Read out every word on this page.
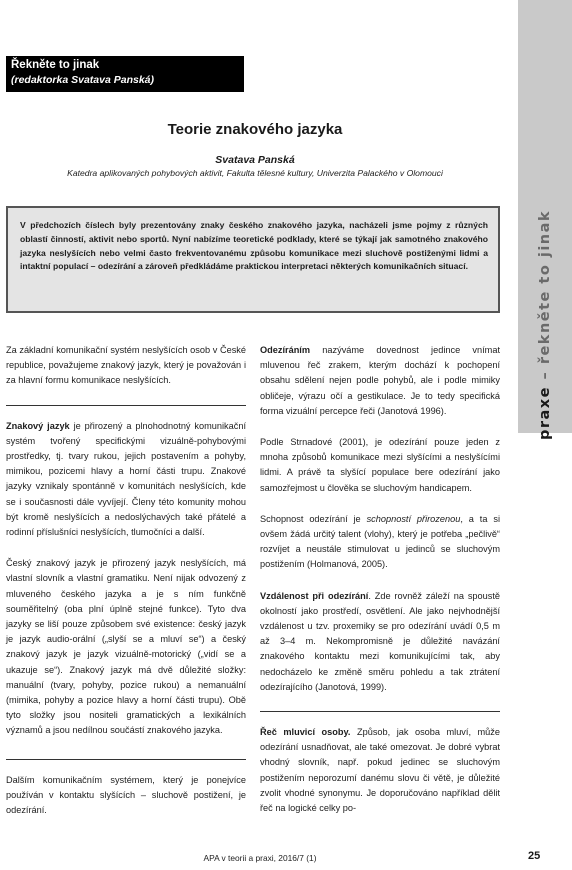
praxe – řekněte to jinak
Řekněte to jinak
(redaktorka Svatava Panská)
Teorie znakového jazyka
Svatava Panská
Katedra aplikovaných pohybových aktivit, Fakulta tělesné kultury, Univerzita Palackého v Olomouci
V předchozích číslech byly prezentovány znaky českého znakového jazyka, nacházeli jsme pojmy z různých oblastí činností, aktivit nebo sportů. Nyní nabízíme teoretické podklady, které se týkají jak samotného znakového jazyka neslyšících nebo velmi často frekventovanému způsobu komunikace mezi sluchově postiženými lidmi a intaktní populací – odezírání a zároveň předkládáme praktickou interpretaci některých komunikačních situací.

Za základní komunikační systém neslyšících osob v České republice, považujeme znakový jazyk, který je považován i za hlavní formu komunikace neslyšících.

Znakový jazyk je přirozený a plnohodnotný komunikační systém tvořený specifickými vizuálně-pohybovými prostředky, tj. tvary rukou, jejich postavením a pohyby, mimikou, pozicemi hlavy a horní části trupu. Znakové jazyky vznikaly spontánně v komunitách neslyšících, kde se i současnosti dále vyvíjejí. Členy této komunity mohou být kromě neslyšících a nedoslýchavých také přátelé a rodinní příslušníci neslyšících, tlumočníci a další.

Český znakový jazyk je přirozený jazyk neslyšících, má vlastní slovník a vlastní gramatiku. Není nijak odvozený z mluveného českého jazyka a je s ním funkčně souměřitelný (oba plní úplně stejné funkce). Tyto dva jazyky se liší pouze způsobem své existence: český jazyk je jazyk audio-orální („slyší se a mluví se“) a český znakový jazyk je jazyk vizuálně-motorický („vidí se a ukazuje se“). Znakový jazyk má dvě důležité složky: manuální (tvary, pohyby, pozice rukou) a nemanuální (mimika, pohyby a pozice hlavy a horní části trupu). Obě tyto složky jsou nositeli gramatických a lexikálních významů a jsou nedílnou součástí znakového jazyka.

Dalším komunikačním systémem, který je ponejvíce používán v kontaktu slyšících – sluchově postižení, je odezírání.

Odezíráním nazýváme dovednost jedince vnímat mluvenou řeč zrakem, kterým dochází k pochopení obsahu sdělení nejen podle pohybů, ale i podle mimiky obličeje, výrazu očí a gestikulace. Je to tedy specifická forma vizuální percepce řeči (Janotová 1996).

Podle Strnadové (2001), je odezírání pouze jeden z mnoha způsobů komunikace mezi slyšícími a neslyšícími lidmi. A právě ta slyšící populace bere odezírání jako samozřejmost u člověka se sluchovým handicapem.

Schopnost odezírání je schopností přirozenou, a ta si ovšem žádá určitý talent (vlohy), který je potřeba „pečlivě“ rozvíjet a neustále stimulovat u jedinců se sluchovým postižením (Holmanová, 2005).

Vzdálenost při odezírání. Zde rovněž záleží na spoustě okolností jako prostředí, osvětlení. Ale jako nejvhodnější vzdálenost u tzv. proxemiky se pro odezírání uvádí 0,5 m až 3–4 m. Nekompromisně je důležité navázání znakového kontaktu mezi komunikujícími tak, aby nedocházelo ke změně směru pohledu a tak ztrátení odezírajícího (Janotová, 1999).

Řeč mluvicí osoby. Způsob, jak osoba mluví, může odezírání usnadňovat, ale také omezovat. Je dobré vybrat vhodný slovník, např. pokud jedinec se sluchovým postižením neporozumí danému slovu či větě, je důležité zvolit vhodné synonymu. Je doporučováno například dělit řeč na logické celky po-

APA v teorii a praxi, 2016/7 (1)	25
